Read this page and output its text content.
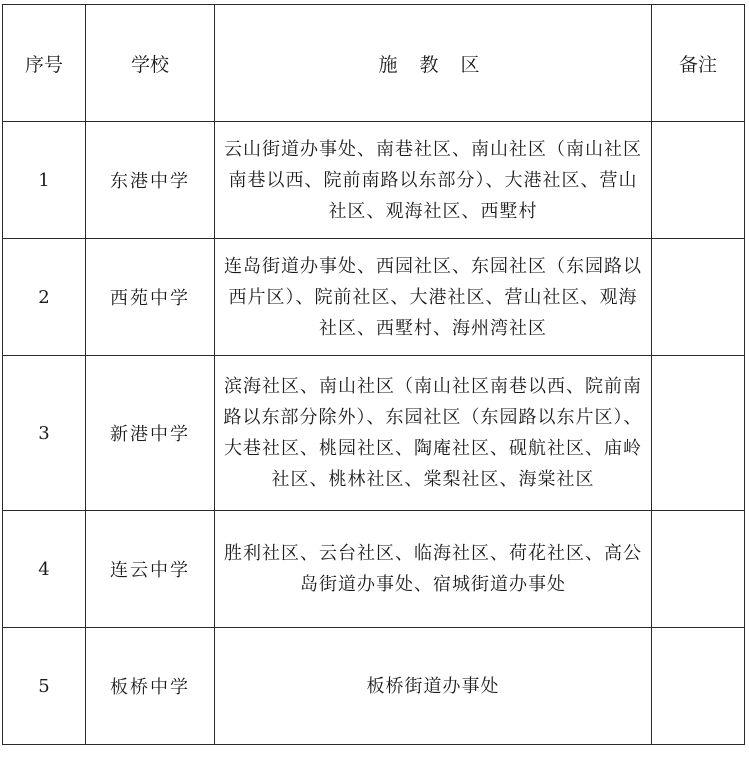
序号	学校	施 教 区	备注
1	东港中学	云山街道办事处、南巷社区、南山社区（南山社区南巷以西、院前南路以东部分）、大港社区、营山社区、观海社区、西墅村	
2	西苑中学	连岛街道办事处、西园社区、东园社区（东园路以西片区）、院前社区、大港社区、营山社区、观海社区、西墅村、海州湾社区	
3	新港中学	滨海社区、南山社区（南山社区南巷以西、院前南路以东部分除外）、东园社区（东园路以东片区）、大巷社区、桃园社区、陶庵社区、砚航社区、庙岭社区、桃林社区、棠梨社区、海棠社区	
4	连云中学	胜利社区、云台社区、临海社区、荷花社区、高公岛街道办事处、宿城街道办事处	
5	板桥中学	板桥街道办事处	
